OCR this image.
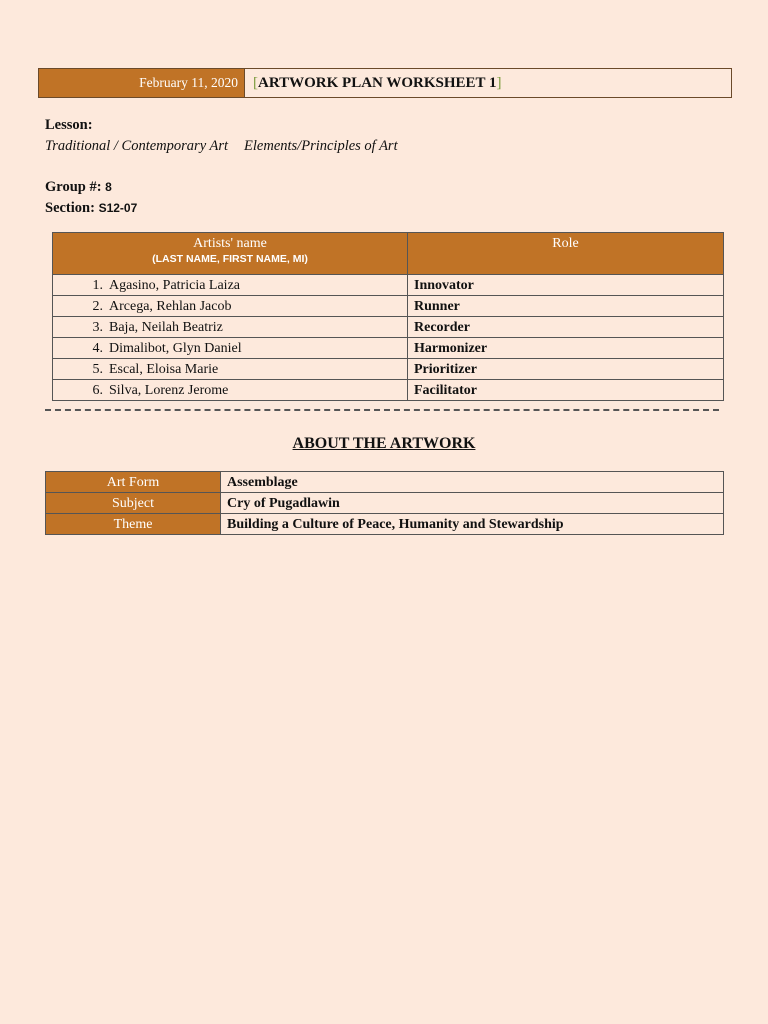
February 11, 2020	[ARTWORK PLAN WORKSHEET 1]
Lesson:
Traditional / Contemporary Art Elements/Principles of Art
Group #: 8
Section: S12-07
Artists' name
(LAST NAME, FIRST NAME, MI)	Role
1. Agasino, Patricia Laiza	Innovator
2. Arcega, Rehlan Jacob	Runner
3. Baja, Neilah Beatriz	Recorder
4. Dimalibot, Glyn Daniel	Harmonizer
5. Escal, Eloisa Marie	Prioritizer
6. Silva, Lorenz Jerome	Facilitator
ABOUT THE ARTWORK
Art Form	Assemblage
Subject	Cry of Pugadlawin
Theme	Building a Culture of Peace, Humanity and Stewardship
